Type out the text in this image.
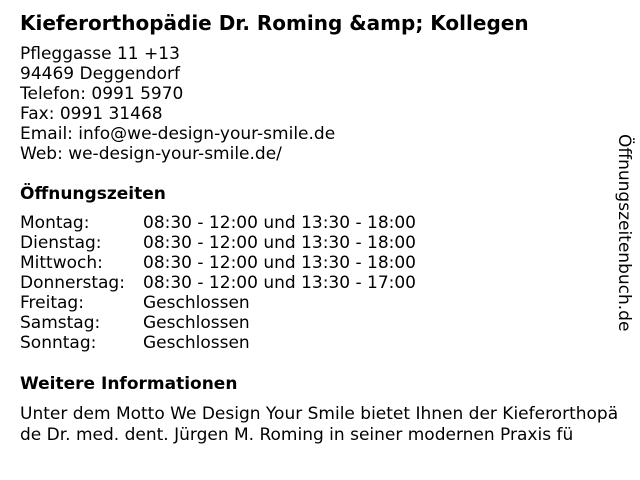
Kieferorthopädie Dr. Roming &amp; Kollegen
Pfleggasse 11 +13
94469 Deggendorf
Telefon: 0991 5970
Fax: 0991 31468
Email: info@we-design-your-smile.de
Web: we-design-your-smile.de/
Öffnungszeiten
Montag:	08:30 - 12:00 und 13:30 - 18:00
Dienstag:	08:30 - 12:00 und 13:30 - 18:00
Mittwoch:	08:30 - 12:00 und 13:30 - 18:00
Donnerstag:	08:30 - 12:00 und 13:30 - 17:00
Freitag:	Geschlossen
Samstag:	Geschlossen
Sonntag:	Geschlossen
Weitere Informationen
Unter dem Motto We Design Your Smile bietet Ihnen der Kieferorthopä
de Dr. med. dent. Jürgen M. Roming in seiner modernen Praxis fü
Öffnungszeitenbuch.de
